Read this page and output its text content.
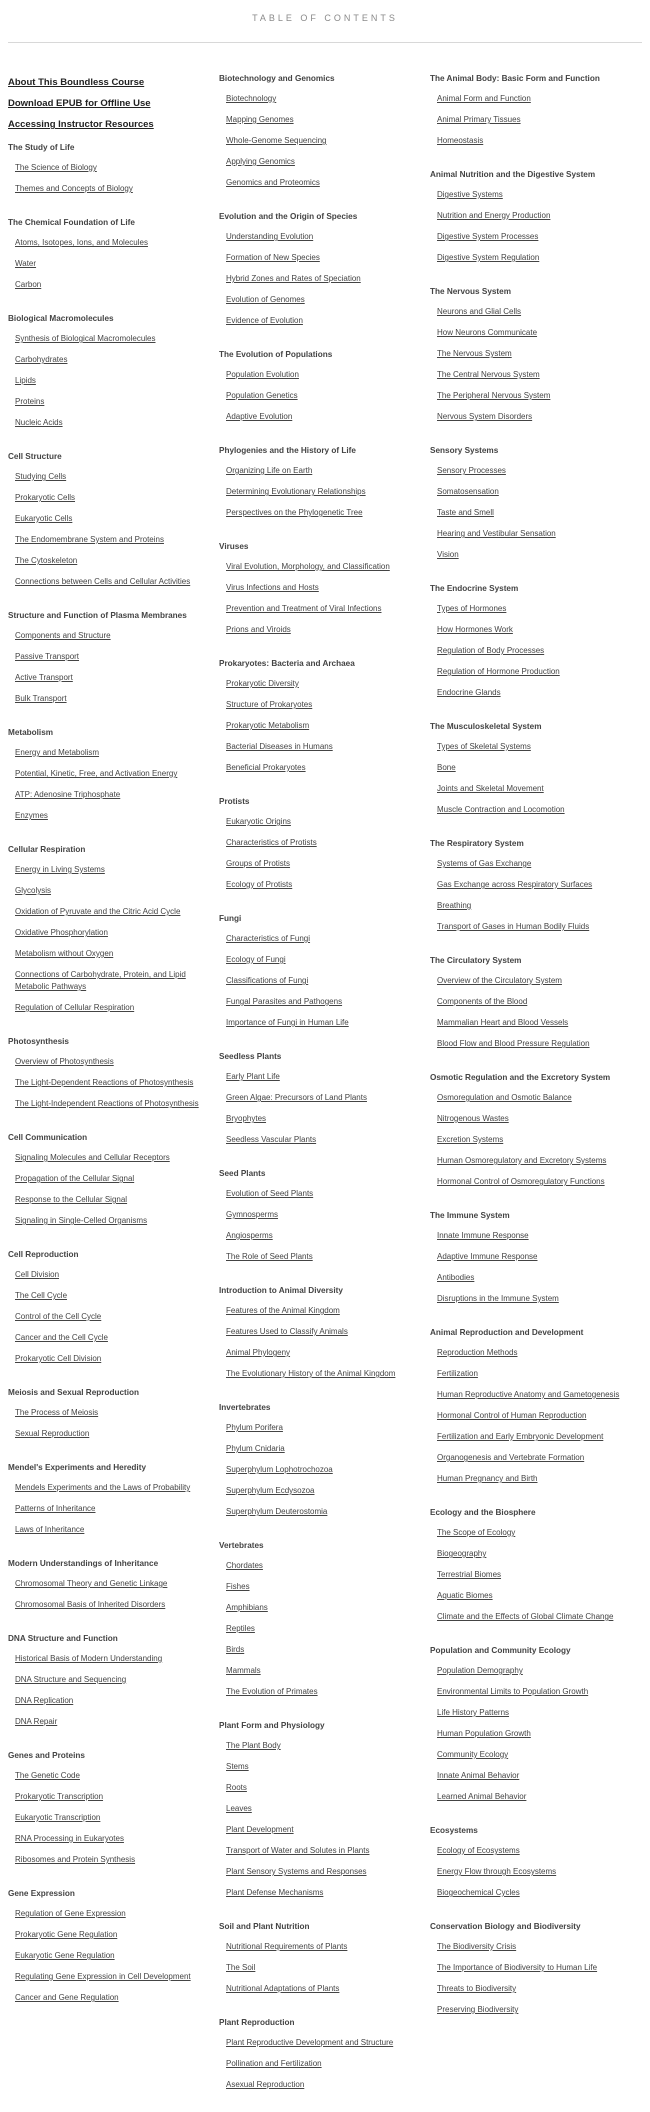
TABLE OF CONTENTS
About This Boundless Course
Download EPUB for Offline Use
Accessing Instructor Resources
The Study of Life
The Science of Biology
Themes and Concepts of Biology
The Chemical Foundation of Life
Atoms, Isotopes, Ions, and Molecules
Water
Carbon
Biological Macromolecules
Synthesis of Biological Macromolecules
Carbohydrates
Lipids
Proteins
Nucleic Acids
Cell Structure
Studying Cells
Prokaryotic Cells
Eukaryotic Cells
The Endomembrane System and Proteins
The Cytoskeleton
Connections between Cells and Cellular Activities
Structure and Function of Plasma Membranes
Components and Structure
Passive Transport
Active Transport
Bulk Transport
Metabolism
Energy and Metabolism
Potential, Kinetic, Free, and Activation Energy
ATP: Adenosine Triphosphate
Enzymes
Cellular Respiration
Energy in Living Systems
Glycolysis
Oxidation of Pyruvate and the Citric Acid Cycle
Oxidative Phosphorylation
Metabolism without Oxygen
Connections of Carbohydrate, Protein, and Lipid Metabolic Pathways
Regulation of Cellular Respiration
Photosynthesis
Overview of Photosynthesis
The Light-Dependent Reactions of Photosynthesis
The Light-Independent Reactions of Photosynthesis
Cell Communication
Signaling Molecules and Cellular Receptors
Propagation of the Cellular Signal
Response to the Cellular Signal
Signaling in Single-Celled Organisms
Cell Reproduction
Cell Division
The Cell Cycle
Control of the Cell Cycle
Cancer and the Cell Cycle
Prokaryotic Cell Division
Meiosis and Sexual Reproduction
The Process of Meiosis
Sexual Reproduction
Mendel's Experiments and Heredity
Mendels Experiments and the Laws of Probability
Patterns of Inheritance
Laws of Inheritance
Modern Understandings of Inheritance
Chromosomal Theory and Genetic Linkage
Chromosomal Basis of Inherited Disorders
DNA Structure and Function
Historical Basis of Modern Understanding
DNA Structure and Sequencing
DNA Replication
DNA Repair
Genes and Proteins
The Genetic Code
Prokaryotic Transcription
Eukaryotic Transcription
RNA Processing in Eukaryotes
Ribosomes and Protein Synthesis
Gene Expression
Regulation of Gene Expression
Prokaryotic Gene Regulation
Eukaryotic Gene Regulation
Regulating Gene Expression in Cell Development
Cancer and Gene Regulation
Biotechnology and Genomics
Biotechnology
Mapping Genomes
Whole-Genome Sequencing
Applying Genomics
Genomics and Proteomics
Evolution and the Origin of Species
Understanding Evolution
Formation of New Species
Hybrid Zones and Rates of Speciation
Evolution of Genomes
Evidence of Evolution
The Evolution of Populations
Population Evolution
Population Genetics
Adaptive Evolution
Phylogenies and the History of Life
Organizing Life on Earth
Determining Evolutionary Relationships
Perspectives on the Phylogenetic Tree
Viruses
Viral Evolution, Morphology, and Classification
Virus Infections and Hosts
Prevention and Treatment of Viral Infections
Prions and Viroids
Prokaryotes: Bacteria and Archaea
Prokaryotic Diversity
Structure of Prokaryotes
Prokaryotic Metabolism
Bacterial Diseases in Humans
Beneficial Prokaryotes
Protists
Eukaryotic Origins
Characteristics of Protists
Groups of Protists
Ecology of Protists
Fungi
Characteristics of Fungi
Ecology of Fungi
Classifications of Fungi
Fungal Parasites and Pathogens
Importance of Fungi in Human Life
Seedless Plants
Early Plant Life
Green Algae: Precursors of Land Plants
Bryophytes
Seedless Vascular Plants
Seed Plants
Evolution of Seed Plants
Gymnosperms
Angiosperms
The Role of Seed Plants
Introduction to Animal Diversity
Features of the Animal Kingdom
Features Used to Classify Animals
Animal Phylogeny
The Evolutionary History of the Animal Kingdom
Invertebrates
Phylum Porifera
Phylum Cnidaria
Superphylum Lophotrochozoa
Superphylum Ecdysozoa
Superphylum Deuterostomia
Vertebrates
Chordates
Fishes
Amphibians
Reptiles
Birds
Mammals
The Evolution of Primates
Plant Form and Physiology
The Plant Body
Stems
Roots
Leaves
Plant Development
Transport of Water and Solutes in Plants
Plant Sensory Systems and Responses
Plant Defense Mechanisms
Soil and Plant Nutrition
Nutritional Requirements of Plants
The Soil
Nutritional Adaptations of Plants
Plant Reproduction
Plant Reproductive Development and Structure
Pollination and Fertilization
Asexual Reproduction
The Animal Body: Basic Form and Function
Animal Form and Function
Animal Primary Tissues
Homeostasis
Animal Nutrition and the Digestive System
Digestive Systems
Nutrition and Energy Production
Digestive System Processes
Digestive System Regulation
The Nervous System
Neurons and Glial Cells
How Neurons Communicate
The Nervous System
The Central Nervous System
The Peripheral Nervous System
Nervous System Disorders
Sensory Systems
Sensory Processes
Somatosensation
Taste and Smell
Hearing and Vestibular Sensation
Vision
The Endocrine System
Types of Hormones
How Hormones Work
Regulation of Body Processes
Regulation of Hormone Production
Endocrine Glands
The Musculoskeletal System
Types of Skeletal Systems
Bone
Joints and Skeletal Movement
Muscle Contraction and Locomotion
The Respiratory System
Systems of Gas Exchange
Gas Exchange across Respiratory Surfaces
Breathing
Transport of Gases in Human Bodily Fluids
The Circulatory System
Overview of the Circulatory System
Components of the Blood
Mammalian Heart and Blood Vessels
Blood Flow and Blood Pressure Regulation
Osmotic Regulation and the Excretory System
Osmoregulation and Osmotic Balance
Nitrogenous Wastes
Excretion Systems
Human Osmoregulatory and Excretory Systems
Hormonal Control of Osmoregulatory Functions
The Immune System
Innate Immune Response
Adaptive Immune Response
Antibodies
Disruptions in the Immune System
Animal Reproduction and Development
Reproduction Methods
Fertilization
Human Reproductive Anatomy and Gametogenesis
Hormonal Control of Human Reproduction
Fertilization and Early Embryonic Development
Organogenesis and Vertebrate Formation
Human Pregnancy and Birth
Ecology and the Biosphere
The Scope of Ecology
Biogeography
Terrestrial Biomes
Aquatic Biomes
Climate and the Effects of Global Climate Change
Population and Community Ecology
Population Demography
Environmental Limits to Population Growth
Life History Patterns
Human Population Growth
Community Ecology
Innate Animal Behavior
Learned Animal Behavior
Ecosystems
Ecology of Ecosystems
Energy Flow through Ecosystems
Biogeochemical Cycles
Conservation Biology and Biodiversity
The Biodiversity Crisis
The Importance of Biodiversity to Human Life
Threats to Biodiversity
Preserving Biodiversity
